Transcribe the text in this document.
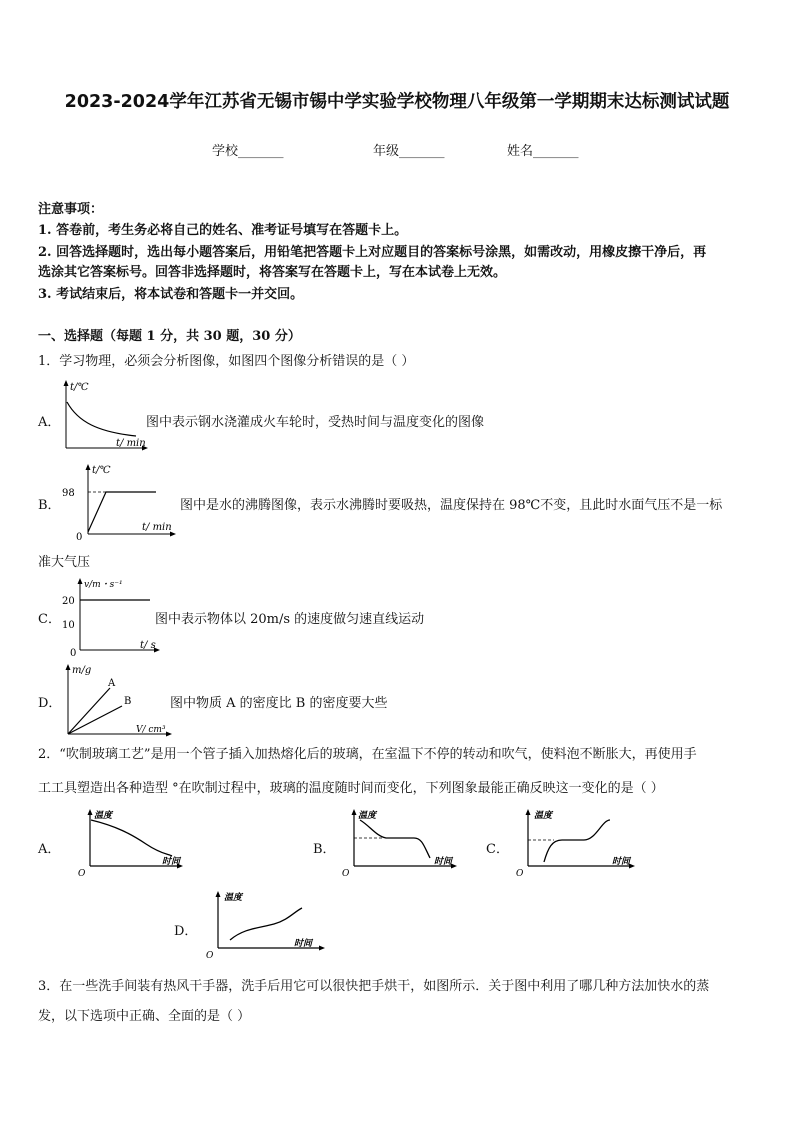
2023-2024学年江苏省无锡市锡中学实验学校物理八年级第一学期期末达标测试试题
学校_______	年级_______	姓名_______
注意事项：
1. 答卷前，考生务必将自己的姓名、准考证号填写在答题卡上。
2. 回答选择题时，选出每小题答案后，用铅笔把答题卡上对应题目的答案标号涂黑，如需改动，用橡皮擦干净后，再
选涂其它答案标号。回答非选择题时，将答案写在答题卡上，写在本试卷上无效。
3. 考试结束后，将本试卷和答题卡一并交回。
一、选择题（每题 1 分，共 30 题，30 分）
1．学习物理，必须会分析图像，如图四个图像分析错误的是（ ）
A．
t/℃
t/ min
图中表示钢水浇灌成火车轮时，受热时间与温度变化的图像
B．
98
0
t/℃
t/ min
图中是水的沸腾图像，表示水沸腾时要吸热，温度保持在 98℃不变，且此时水面气压不是一标
准大气压
C．
20
10
0
v/m・s⁻¹
t/ s
图中表示物体以 20m/s 的速度做匀速直线运动
D．
A
B
m/g
V/ cm³
图中物质 A 的密度比 B 的密度要大些
2．“吹制玻璃工艺”是用一个管子插入加热熔化后的玻璃，在室温下不停的转动和吹气，使料泡不断胀大，再使用手
工工具塑造出各种造型 °在吹制过程中，玻璃的温度随时间而变化，下列图象最能正确反映这一变化的是（ ）
A．
温度
时间
O
B．
温度
时间
O
C．
温度
时间
O
D．
温度
时间
O
3．在一些洗手间装有热风干手器，洗手后用它可以很快把手烘干，如图所示．关于图中利用了哪几种方法加快水的蒸
发，以下选项中正确、全面的是（ ）
